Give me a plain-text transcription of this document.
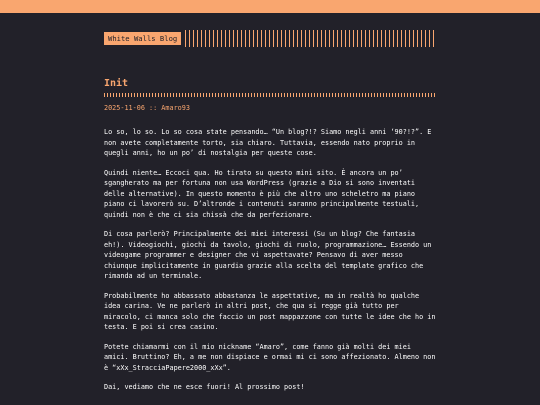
White Walls Blog
Init
2025-11-06 :: Amaro93

Lo so, lo so. Lo so cosa state pensando… “Un blog?!? Siamo negli anni ‘90?!?”. E non avete completamente torto, sia chiaro. Tuttavia, essendo nato proprio in quegli anni, ho un po’ di nostalgia per queste cose.

Quindi niente… Eccoci qua. Ho tirato su questo mini sito. È ancora un po’ sgangherato ma per fortuna non usa WordPress (grazie a Dio si sono inventati delle alternative). In questo momento è più che altro uno scheletro ma piano piano ci lavorerò su. D’altronde i contenuti saranno principalmente testuali, quindi non è che ci sia chissà che da perfezionare.

Di cosa parlerò? Principalmente dei miei interessi (Su un blog? Che fantasia eh!). Videogiochi, giochi da tavolo, giochi di ruolo, programmazione… Essendo un videogame programmer e designer che vi aspettavate? Pensavo di aver messo chiunque implicitamente in guardia grazie alla scelta del template grafico che rimanda ad un terminale.

Probabilmente ho abbassato abbastanza le aspettative, ma in realtà ho qualche idea carina. Ve ne parlerò in altri post, che qua si regge già tutto per miracolo, ci manca solo che faccio un post mappazzone con tutte le idee che ho in testa. E poi si crea casino.

Potete chiamarmi con il mio nickname “Amaro”, come fanno già molti dei miei amici. Bruttino? Eh, a me non dispiace e ormai mi ci sono affezionato. Almeno non è “xXx_StracciaPapere2000_xXx”.

Dai, vediamo che ne esce fuori! Al prossimo post!
